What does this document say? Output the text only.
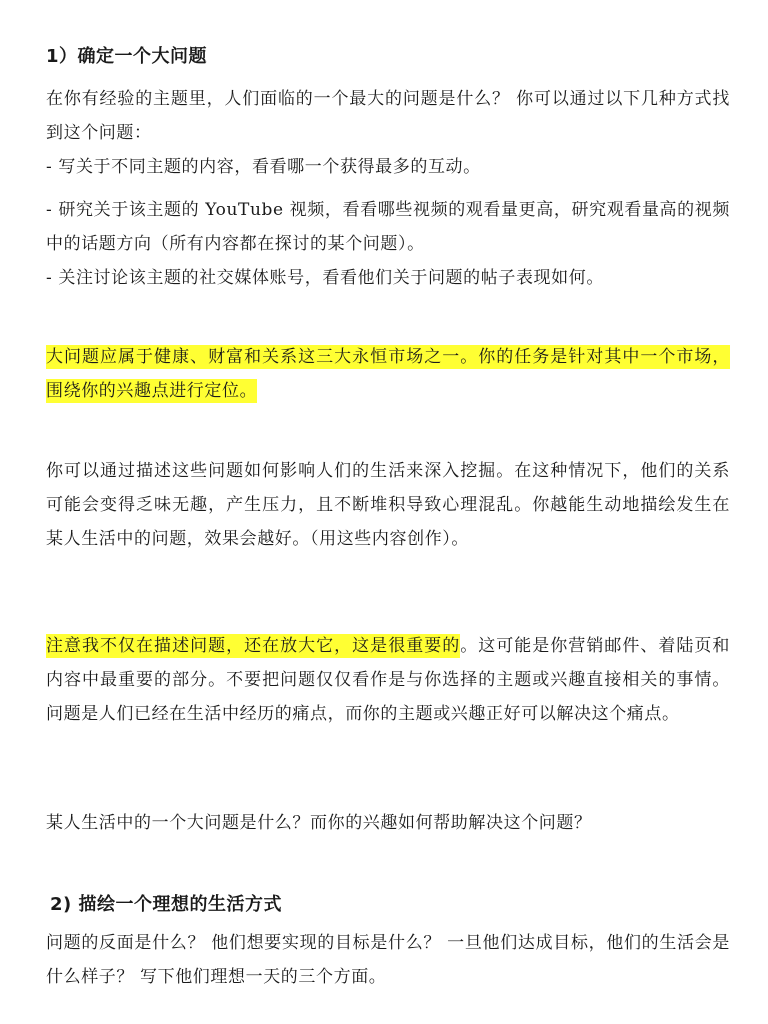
1）确定一个大问题
在你有经验的主题里，人们面临的一个最大的问题是什么？ 你可以通过以下几种方式找到这个问题：
- 写关于不同主题的内容，看看哪一个获得最多的互动。
- 研究关于该主题的 YouTube 视频，看看哪些视频的观看量更高，研究观看量高的视频中的话题方向（所有内容都在探讨的某个问题）。
- 关注讨论该主题的社交媒体账号，看看他们关于问题的帖子表现如何。
大问题应属于健康、财富和关系这三大永恒市场之一。你的任务是针对其中一个市场，围绕你的兴趣点进行定位。
你可以通过描述这些问题如何影响人们的生活来深入挖掘。在这种情况下，他们的关系可能会变得乏味无趣，产生压力，且不断堆积导致心理混乱。你越能生动地描绘发生在某人生活中的问题，效果会越好。（用这些内容创作）。
注意我不仅在描述问题，还在放大它，这是很重要的。这可能是你营销邮件、着陆页和内容中最重要的部分。不要把问题仅仅看作是与你选择的主题或兴趣直接相关的事情。问题是人们已经在生活中经历的痛点，而你的主题或兴趣正好可以解决这个痛点。
某人生活中的一个大问题是什么？而你的兴趣如何帮助解决这个问题？
2) 描绘一个理想的生活方式
问题的反面是什么？ 他们想要实现的目标是什么？ 一旦他们达成目标，他们的生活会是什么样子？ 写下他们理想一天的三个方面。
